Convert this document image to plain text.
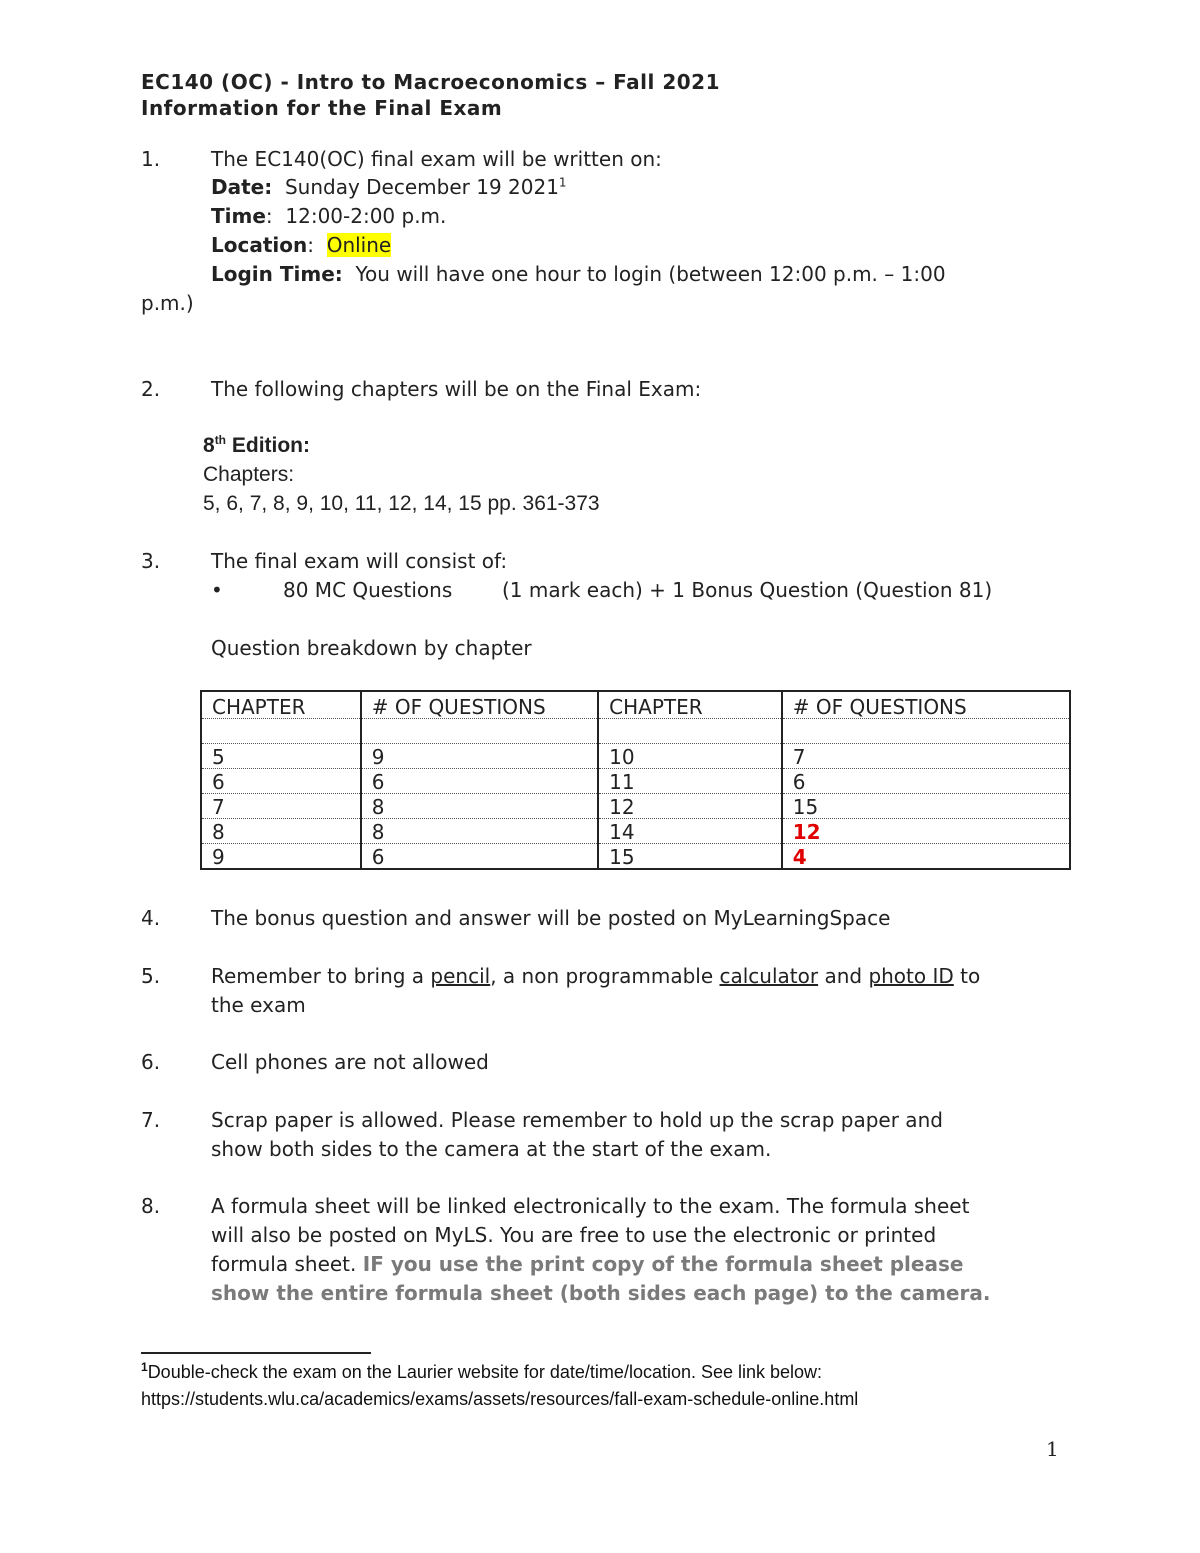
EC140 (OC) - Intro to Macroeconomics – Fall 2021
Information for the Final Exam
1.	The EC140(OC) final exam will be written on:
Date: Sunday December 19 2021$^1$
Time: 12:00-2:00 p.m.
Location: Online
Login Time: You will have one hour to login (between 12:00 p.m. – 1:00
p.m.)
2.	The following chapters will be on the Final Exam:
8th Edition:
Chapters:
5, 6, 7, 8, 9, 10, 11, 12, 14, 15 pp. 361-373
3.	The final exam will consist of:
•	80 MC Questions (1 mark each) + 1 Bonus Question (Question 81)
Question breakdown by chapter
CHAPTER	# OF QUESTIONS	CHAPTER	# OF QUESTIONS

5	9	10	7
6	6	11	6
7	8	12	15
8	8	14	12
9	6	15	4
4.	The bonus question and answer will be posted on MyLearningSpace
5.	Remember to bring a pencil, a non programmable calculator and photo ID to
the exam
6.	Cell phones are not allowed
7.	Scrap paper is allowed. Please remember to hold up the scrap paper and
show both sides to the camera at the start of the exam.
8.	A formula sheet will be linked electronically to the exam. The formula sheet
will also be posted on MyLS. You are free to use the electronic or printed
formula sheet. IF you use the print copy of the formula sheet please
show the entire formula sheet (both sides each page) to the camera.
$^1$Double-check the exam on the Laurier website for date/time/location. See link below:
https://students.wlu.ca/academics/exams/assets/resources/fall-exam-schedule-online.html
1
